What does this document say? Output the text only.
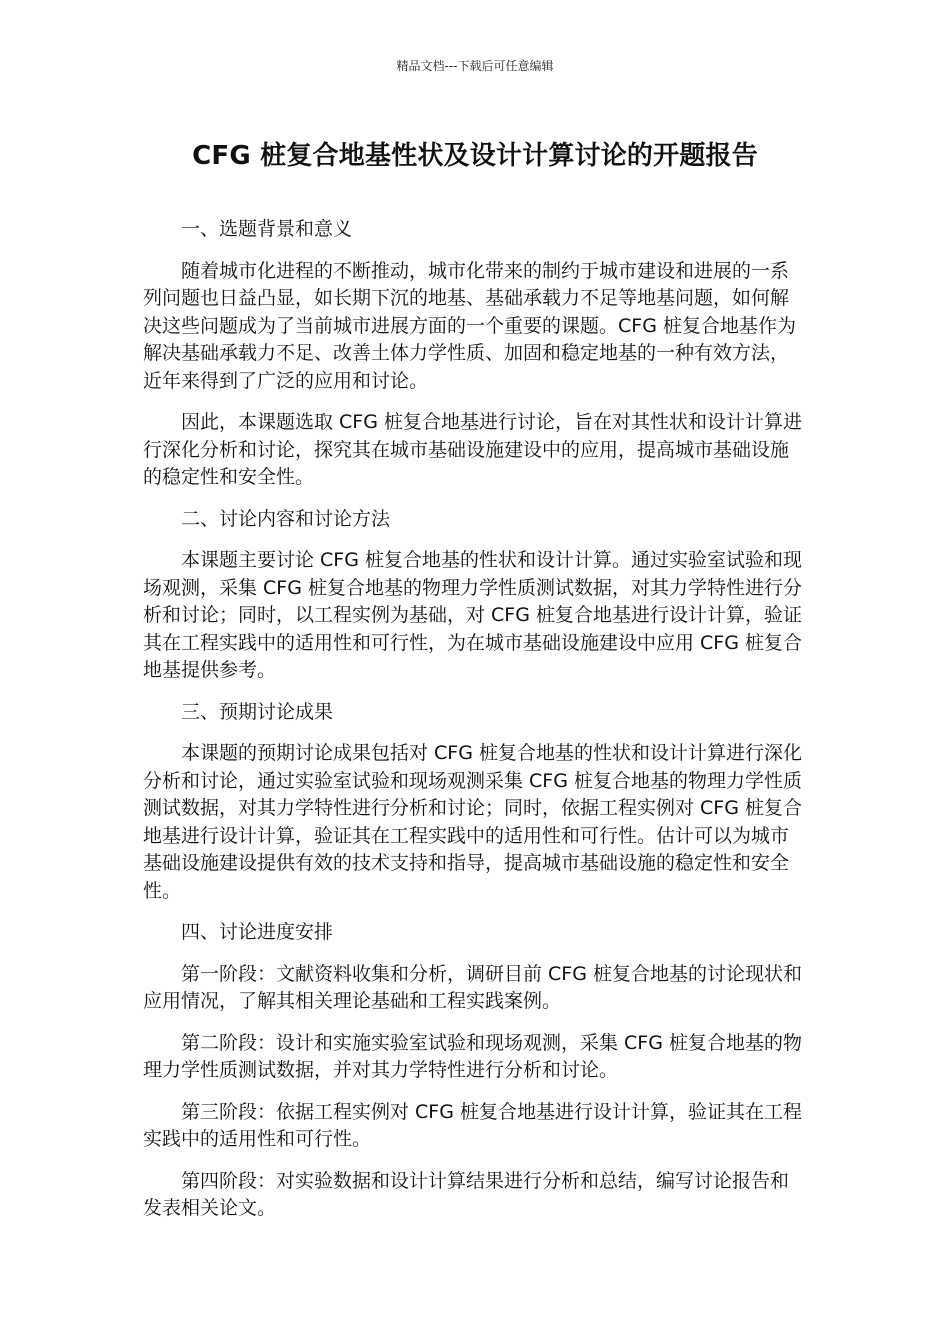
精品文档---下载后可任意编辑
CFG 桩复合地基性状及设计计算讨论的开题报告

一、选题背景和意义

随着城市化进程的不断推动，城市化带来的制约于城市建设和进展的一系列问题也日益凸显，如长期下沉的地基、基础承载力不足等地基问题，如何解决这些问题成为了当前城市进展方面的一个重要的课题。CFG 桩复合地基作为解决基础承载力不足、改善土体力学性质、加固和稳定地基的一种有效方法，近年来得到了广泛的应用和讨论。

因此，本课题选取 CFG 桩复合地基进行讨论，旨在对其性状和设计计算进行深化分析和讨论，探究其在城市基础设施建设中的应用，提高城市基础设施的稳定性和安全性。

二、讨论内容和讨论方法

本课题主要讨论 CFG 桩复合地基的性状和设计计算。通过实验室试验和现场观测，采集 CFG 桩复合地基的物理力学性质测试数据，对其力学特性进行分析和讨论；同时，以工程实例为基础，对 CFG 桩复合地基进行设计计算，验证其在工程实践中的适用性和可行性，为在城市基础设施建设中应用 CFG 桩复合地基提供参考。

三、预期讨论成果

本课题的预期讨论成果包括对 CFG 桩复合地基的性状和设计计算进行深化分析和讨论，通过实验室试验和现场观测采集 CFG 桩复合地基的物理力学性质测试数据，对其力学特性进行分析和讨论；同时，依据工程实例对 CFG 桩复合地基进行设计计算，验证其在工程实践中的适用性和可行性。估计可以为城市基础设施建设提供有效的技术支持和指导，提高城市基础设施的稳定性和安全性。

四、讨论进度安排

第一阶段：文献资料收集和分析，调研目前 CFG 桩复合地基的讨论现状和应用情况，了解其相关理论基础和工程实践案例。

第二阶段：设计和实施实验室试验和现场观测，采集 CFG 桩复合地基的物理力学性质测试数据，并对其力学特性进行分析和讨论。

第三阶段：依据工程实例对 CFG 桩复合地基进行设计计算，验证其在工程实践中的适用性和可行性。

第四阶段：对实验数据和设计计算结果进行分析和总结，编写讨论报告和发表相关论文。
